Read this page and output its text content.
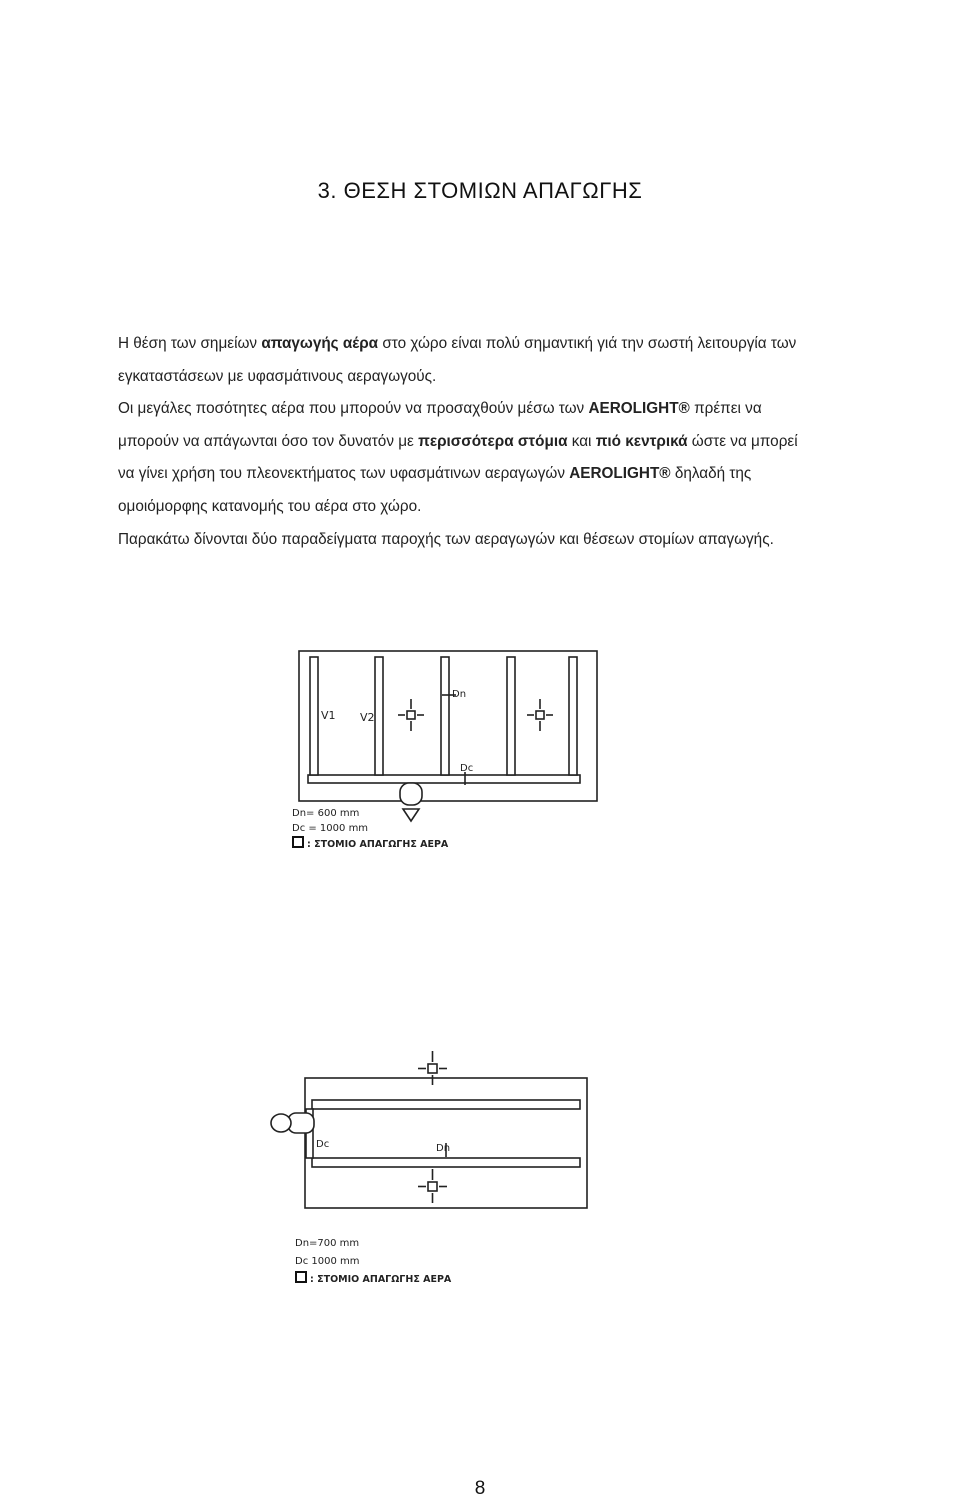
3. ΘΕΣΗ ΣΤΟΜΙΩΝ ΑΠΑΓΩΓΗΣ
Η θέση των σημείων απαγωγής αέρα στο χώρο είναι πολύ σημαντική γιά την σωστή λειτουργία των εγκαταστάσεων με υφασμάτινους αεραγωγούς.
Οι μεγάλες ποσότητες αέρα που μπορούν να προσαχθούν μέσω των AEROLIGHT® πρέπει να μπορούν να απάγωνται όσο τον δυνατόν με περισσότερα στόμια και πιό κεντρικά ώστε να μπορεί να γίνει χρήση του πλεονεκτήματος των υφασμάτινων αεραγωγών AEROLIGHT® δηλαδή της ομοιόμορφης κατανομής του αέρα στο χώρο.
Παρακάτω δίνονται δύο παραδείγματα παροχής των αεραγωγών και θέσεων στομίων απαγωγής.
V1 V2
Dn
Dc
Dn= 600 mm
Dc = 1000 mm
: ΣΤΟΜΙΟ ΑΠΑΓΩΓΗΣ ΑΕΡΑ
Dc	Dn
Dn=700 mm
Dc 1000 mm
: ΣΤΟΜΙΟ ΑΠΑΓΩΓΗΣ ΑΕΡΑ
8
